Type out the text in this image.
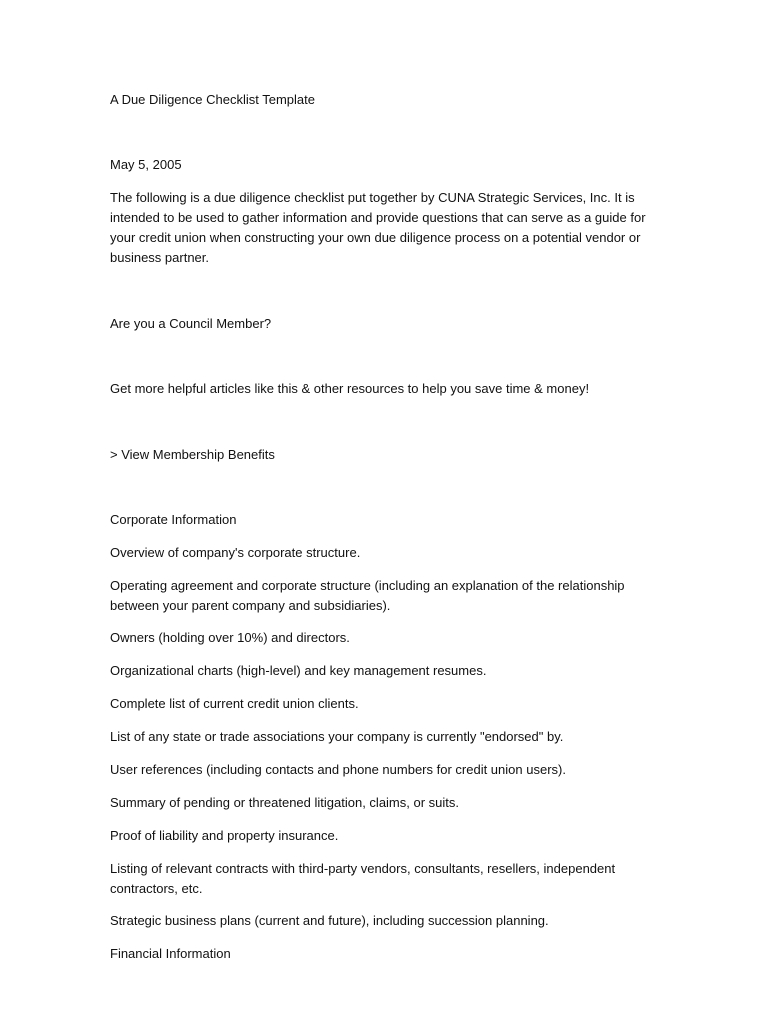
A Due Diligence Checklist Template

May 5, 2005

The following is a due diligence checklist put together by CUNA Strategic Services, Inc. It is intended to be used to gather information and provide questions that can serve as a guide for your credit union when constructing your own due diligence process on a potential vendor or business partner.

Are you a Council Member?

Get more helpful articles like this & other resources to help you save time & money!

> View Membership Benefits

Corporate Information

Overview of company's corporate structure.

Operating agreement and corporate structure (including an explanation of the relationship between your parent company and subsidiaries).

Owners (holding over 10%) and directors.

Organizational charts (high-level) and key management resumes.

Complete list of current credit union clients.

List of any state or trade associations your company is currently "endorsed" by.

User references (including contacts and phone numbers for credit union users).

Summary of pending or threatened litigation, claims, or suits.

Proof of liability and property insurance.

Listing of relevant contracts with third-party vendors, consultants, resellers, independent contractors, etc.

Strategic business plans (current and future), including succession planning.

Financial Information
